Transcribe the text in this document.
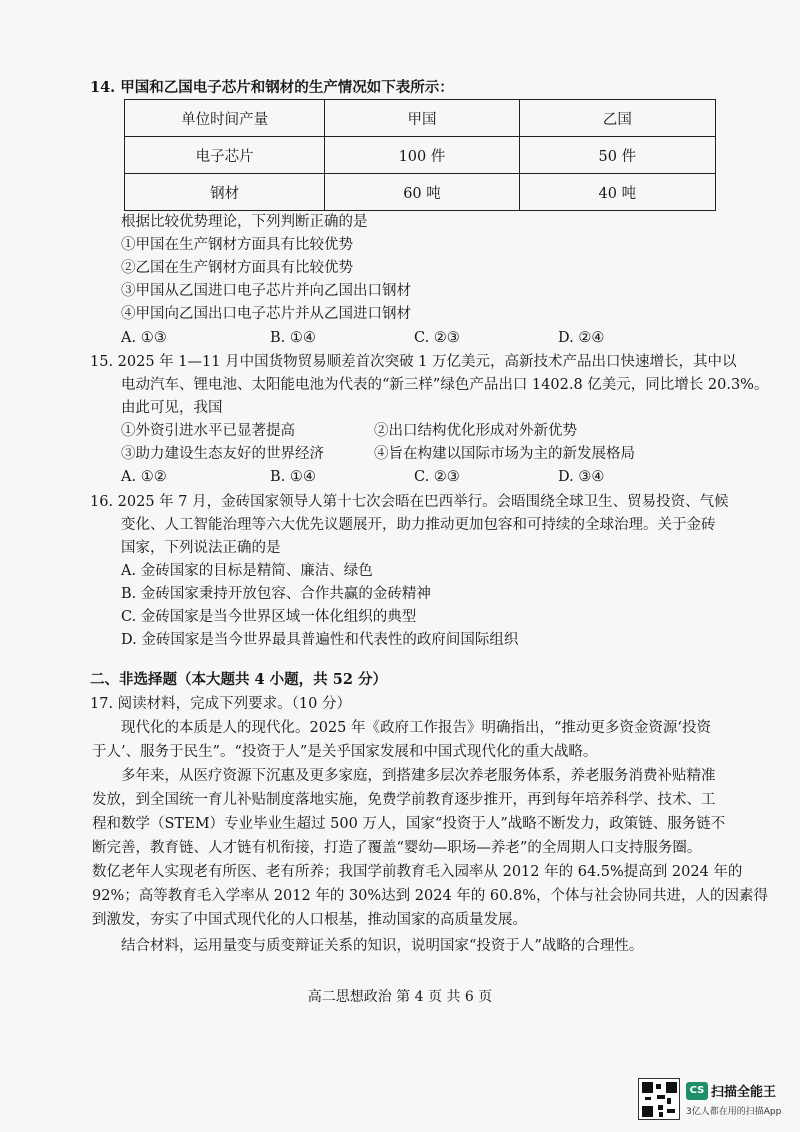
14. 甲国和乙国电子芯片和钢材的生产情况如下表所示：
单位时间产量	甲国	乙国
电子芯片	100 件	50 件
钢材	60 吨	40 吨
根据比较优势理论，下列判断正确的是
①甲国在生产钢材方面具有比较优势
②乙国在生产钢材方面具有比较优势
③甲国从乙国进口电子芯片并向乙国出口钢材
④甲国向乙国出口电子芯片并从乙国进口钢材
A. ①③	B. ①④	C. ②③	D. ②④
15. 2025 年 1—11 月中国货物贸易顺差首次突破 1 万亿美元，高新技术产品出口快速增长，其中以
电动汽车、锂电池、太阳能电池为代表的“新三样”绿色产品出口 1402.8 亿美元，同比增长 20.3%。
由此可见，我国
①外资引进水平已显著提高	②出口结构优化形成对外新优势
③助力建设生态友好的世界经济	④旨在构建以国际市场为主的新发展格局
A. ①②	B. ①④	C. ②③	D. ③④
16. 2025 年 7 月，金砖国家领导人第十七次会晤在巴西举行。会晤围绕全球卫生、贸易投资、气候
变化、人工智能治理等六大优先议题展开，助力推动更加包容和可持续的全球治理。关于金砖
国家，下列说法正确的是
A. 金砖国家的目标是精简、廉洁、绿色
B. 金砖国家秉持开放包容、合作共赢的金砖精神
C. 金砖国家是当今世界区域一体化组织的典型
D. 金砖国家是当今世界最具普遍性和代表性的政府间国际组织
二、非选择题（本大题共 4 小题，共 52 分）
17. 阅读材料，完成下列要求。（10 分）
现代化的本质是人的现代化。2025 年《政府工作报告》明确指出，“推动更多资金资源‘投资
于人’、服务于民生”。“投资于人”是关乎国家发展和中国式现代化的重大战略。
多年来，从医疗资源下沉惠及更多家庭，到搭建多层次养老服务体系，养老服务消费补贴精准
发放，到全国统一育儿补贴制度落地实施，免费学前教育逐步推开，再到每年培养科学、技术、工
程和数学（STEM）专业毕业生超过 500 万人，国家“投资于人”战略不断发力，政策链、服务链不
断完善，教育链、人才链有机衔接，打造了覆盖“婴幼—职场—养老”的全周期人口支持服务圈。
数亿老年人实现老有所医、老有所养；我国学前教育毛入园率从 2012 年的 64.5%提高到 2024 年的
92%；高等教育毛入学率从 2012 年的 30%达到 2024 年的 60.8%，个体与社会协同共进，人的因素得
到激发，夯实了中国式现代化的人口根基，推动国家的高质量发展。
结合材料，运用量变与质变辩证关系的知识，说明国家“投资于人”战略的合理性。
高二思想政治 第 4 页 共 6 页
CS 扫描全能王
3亿人都在用的扫描App
